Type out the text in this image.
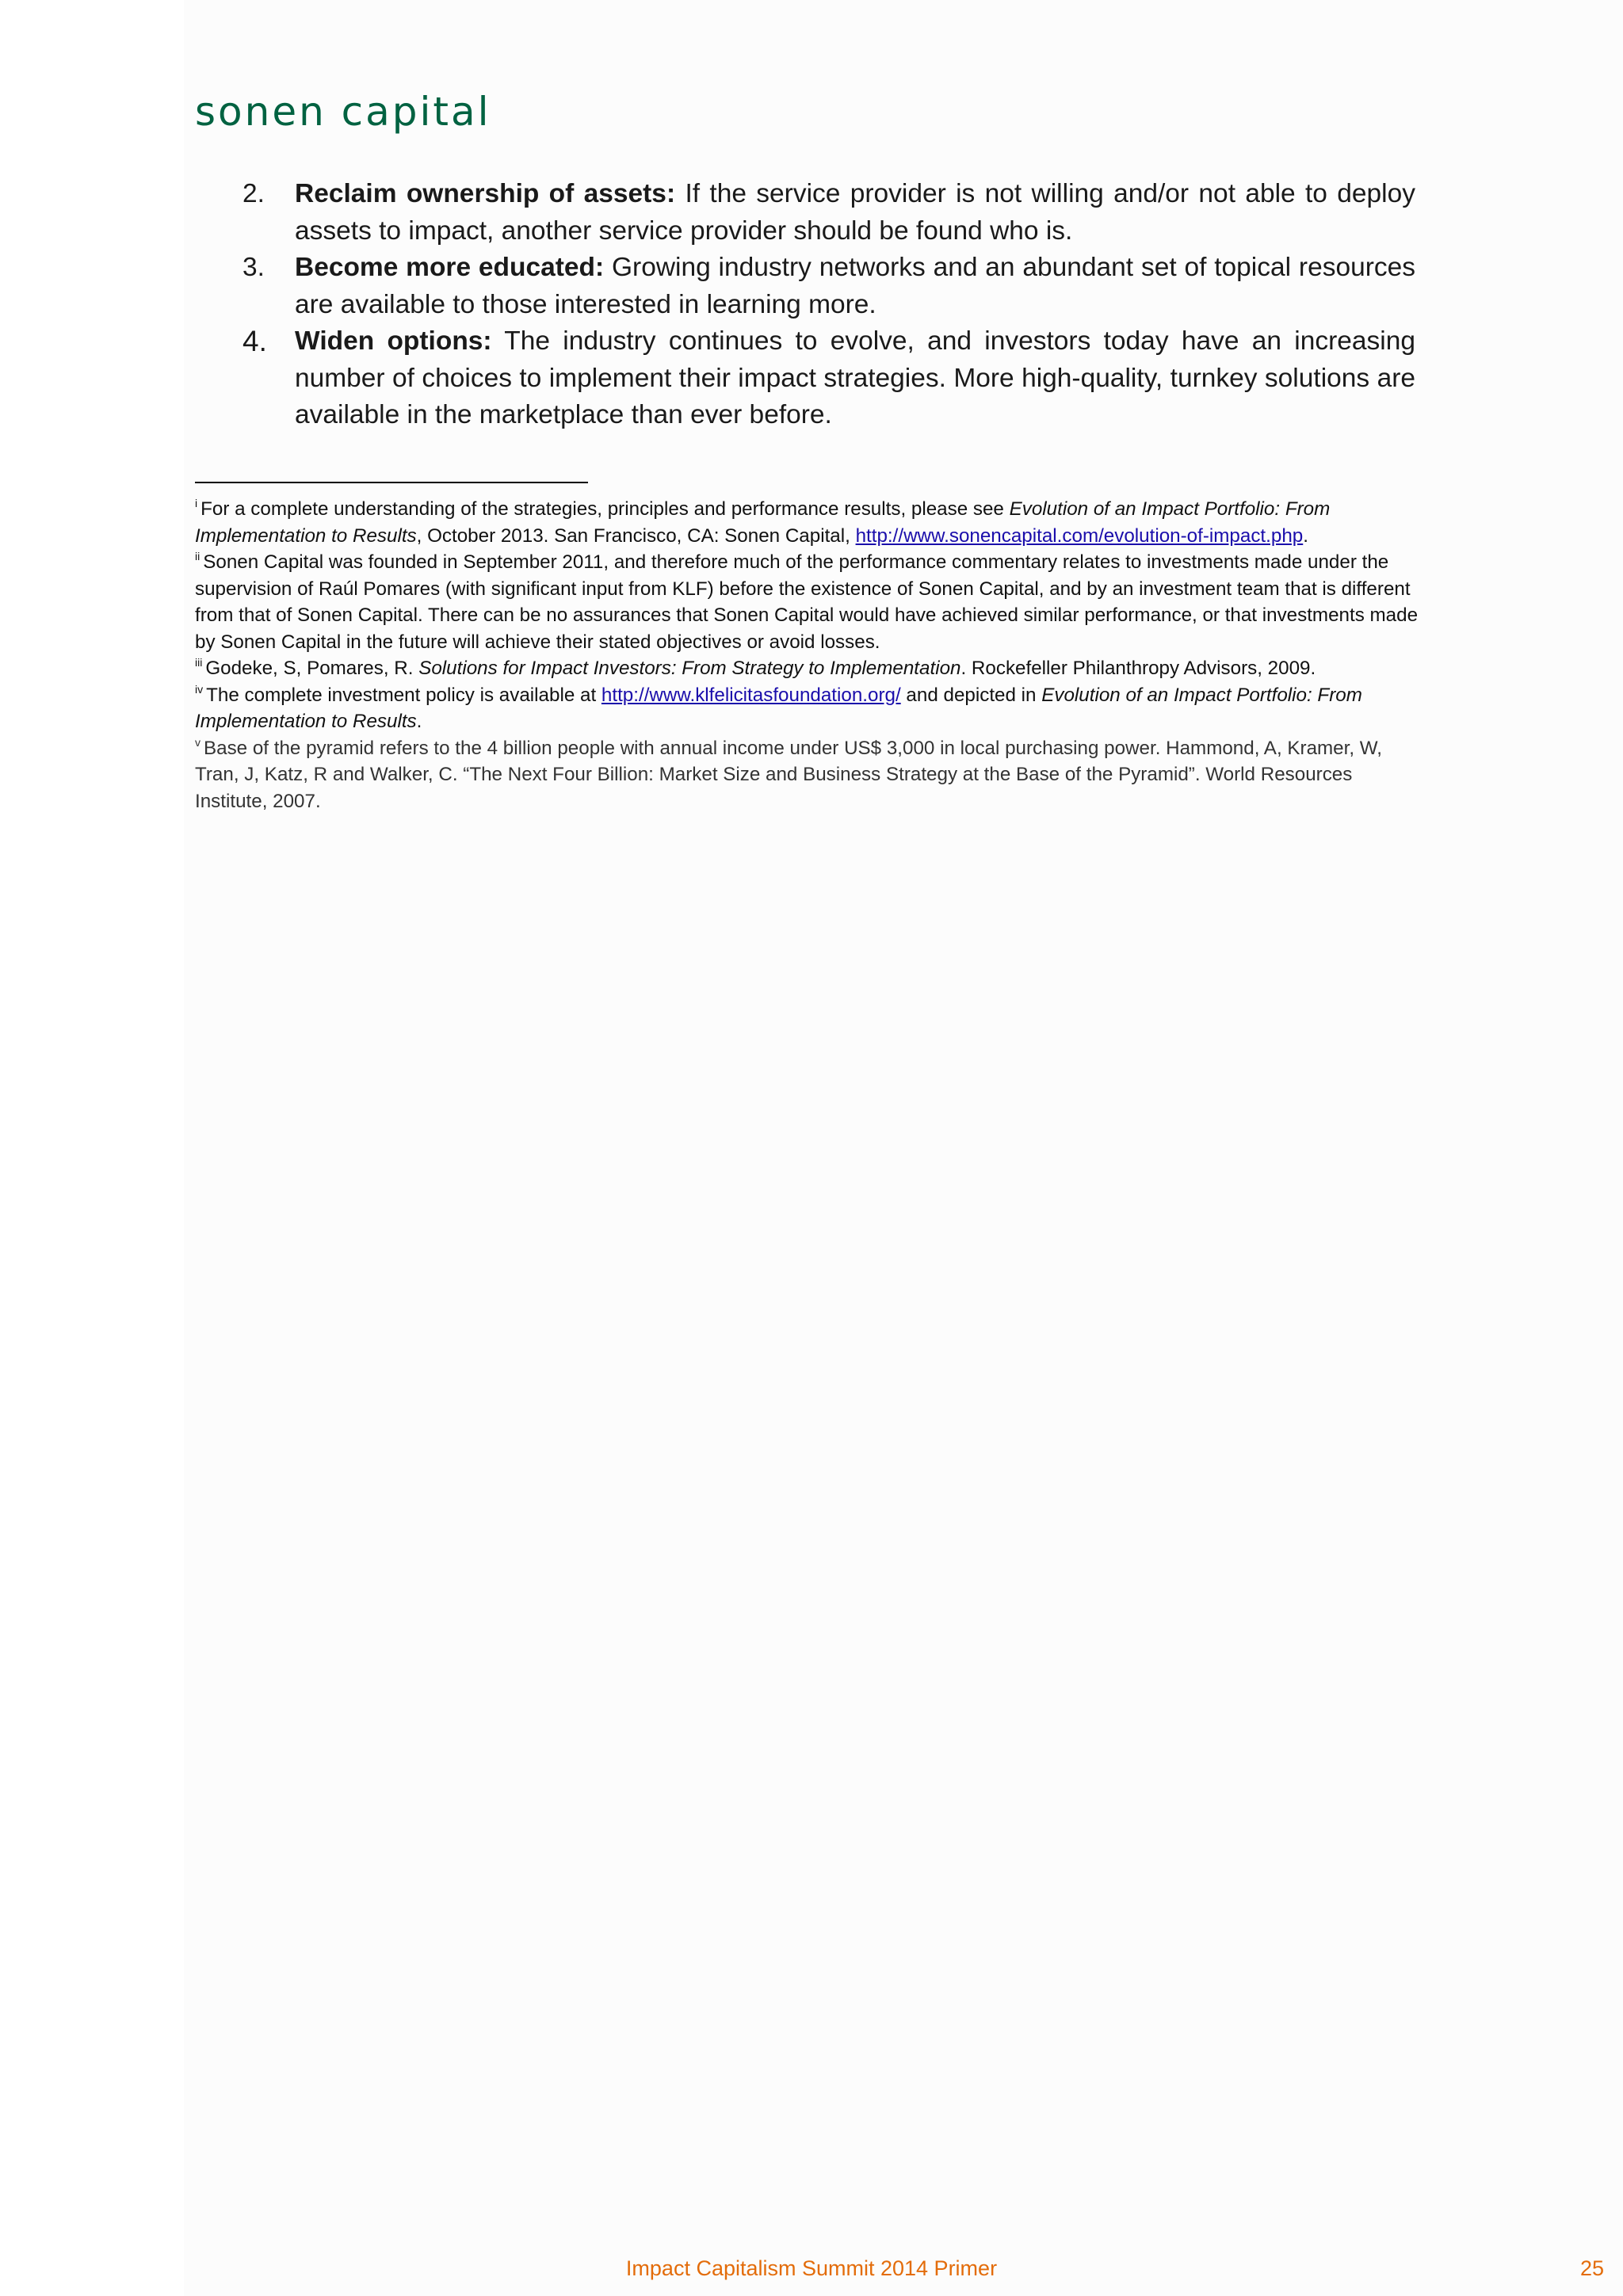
sonen capital
2. Reclaim ownership of assets: If the service provider is not willing and/or not able to deploy assets to impact, another service provider should be found who is.
3. Become more educated: Growing industry networks and an abundant set of topical resources are available to those interested in learning more.
4. Widen options: The industry continues to evolve, and investors today have an increasing number of choices to implement their impact strategies. More high-quality, turnkey solutions are available in the marketplace than ever before.

$^i$ For a complete understanding of the strategies, principles and performance results, please see Evolution of an Impact Portfolio: From Implementation to Results, October 2013. San Francisco, CA: Sonen Capital, http://www.sonencapital.com/evolution-of-impact.php.

$^{ii}$ Sonen Capital was founded in September 2011, and therefore much of the performance commentary relates to investments made under the supervision of Raúl Pomares (with significant input from KLF) before the existence of Sonen Capital, and by an investment team that is different from that of Sonen Capital. There can be no assurances that Sonen Capital would have achieved similar performance, or that investments made by Sonen Capital in the future will achieve their stated objectives or avoid losses.

$^{iii}$ Godeke, S, Pomares, R. Solutions for Impact Investors: From Strategy to Implementation. Rockefeller Philanthropy Advisors, 2009.

$^{iv}$ The complete investment policy is available at http://www.klfelicitasfoundation.org/ and depicted in Evolution of an Impact Portfolio: From Implementation to Results.

$^v$ Base of the pyramid refers to the 4 billion people with annual income under US$ 3,000 in local purchasing power. Hammond, A, Kramer, W, Tran, J, Katz, R and Walker, C. “The Next Four Billion: Market Size and Business Strategy at the Base of the Pyramid”. World Resources Institute, 2007.

Impact Capitalism Summit 2014 Primer	25
